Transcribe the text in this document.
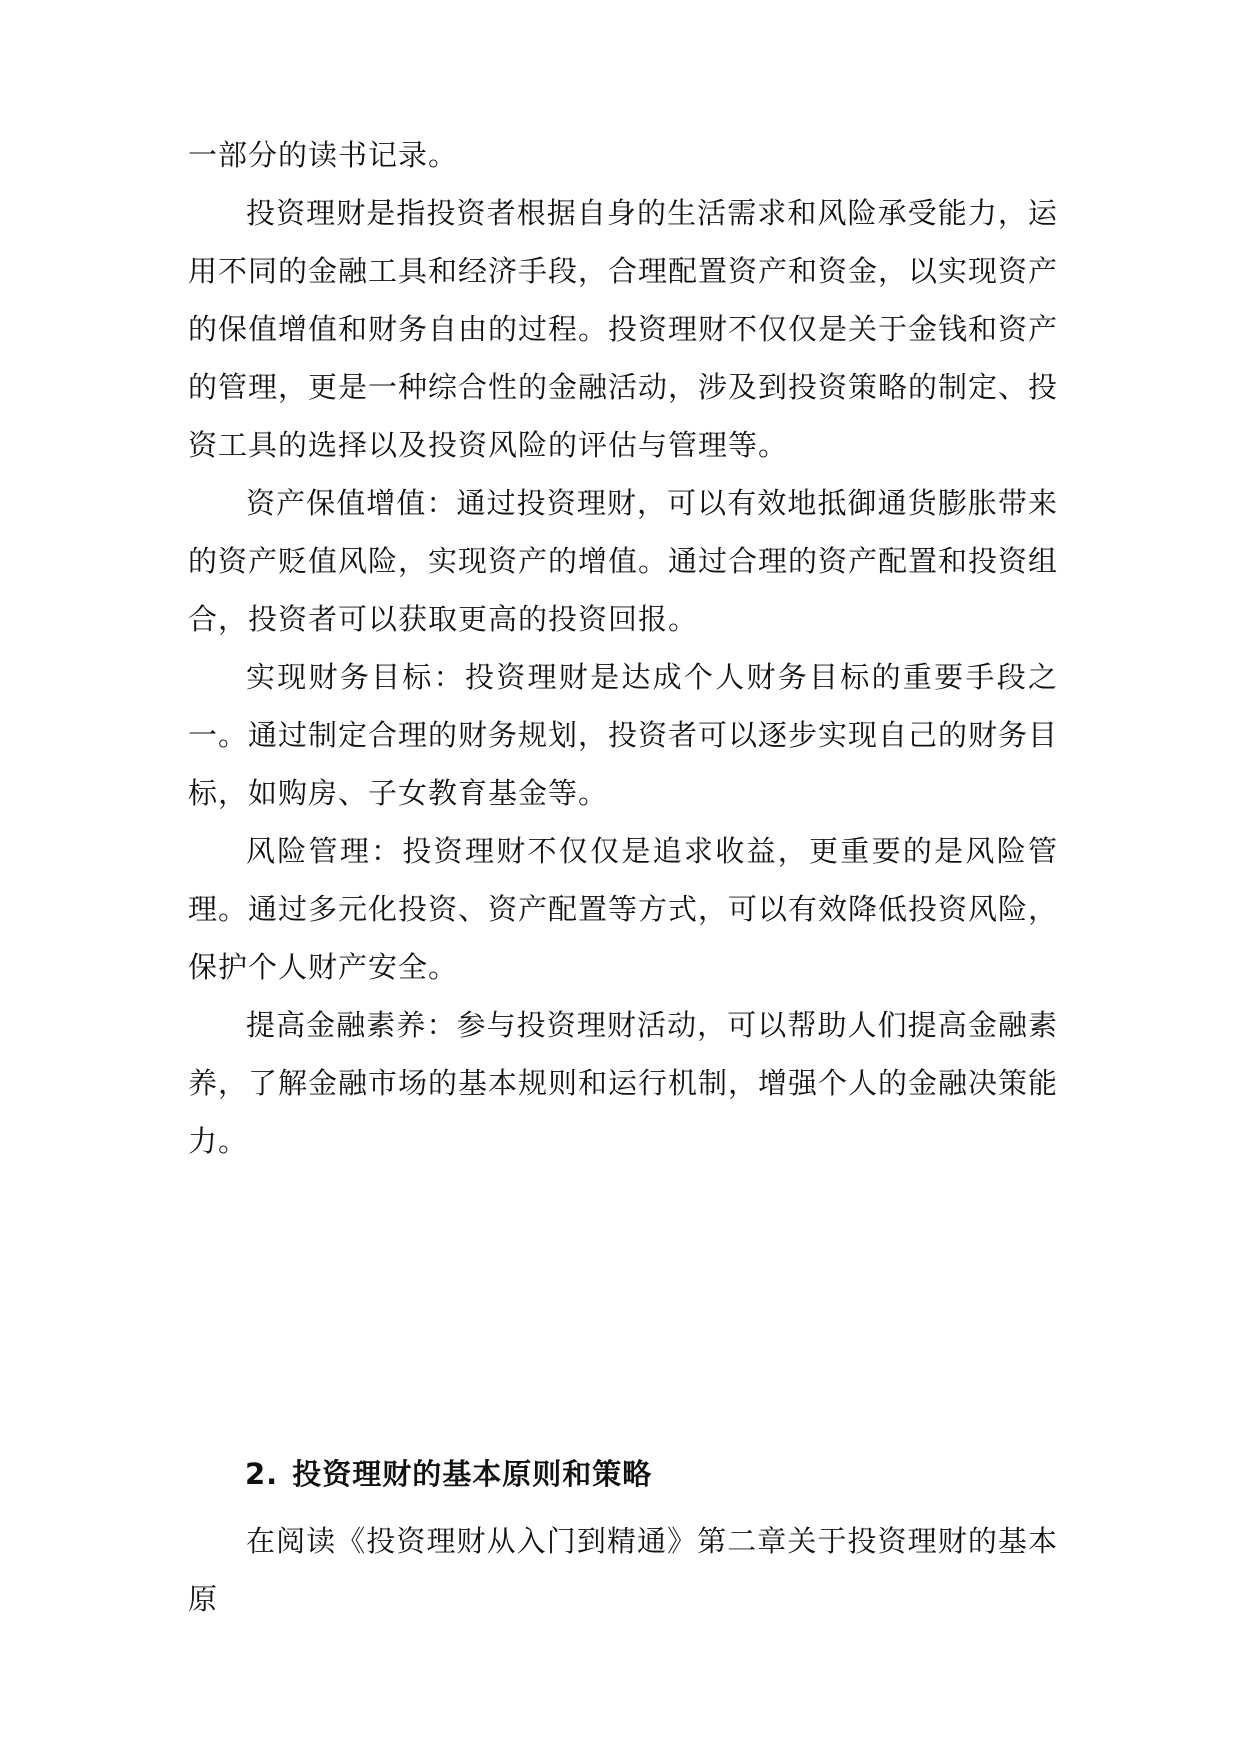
一部分的读书记录。

投资理财是指投资者根据自身的生活需求和风险承受能力，运用不同的金融工具和经济手段，合理配置资产和资金，以实现资产的保值增值和财务自由的过程。投资理财不仅仅是关于金钱和资产的管理，更是一种综合性的金融活动，涉及到投资策略的制定、投资工具的选择以及投资风险的评估与管理等。

资产保值增值：通过投资理财，可以有效地抵御通货膨胀带来的资产贬值风险，实现资产的增值。通过合理的资产配置和投资组合，投资者可以获取更高的投资回报。

实现财务目标：投资理财是达成个人财务目标的重要手段之一。通过制定合理的财务规划，投资者可以逐步实现自己的财务目标，如购房、子女教育基金等。

风险管理：投资理财不仅仅是追求收益，更重要的是风险管理。通过多元化投资、资产配置等方式，可以有效降低投资风险，保护个人财产安全。

提高金融素养：参与投资理财活动，可以帮助人们提高金融素养，了解金融市场的基本规则和运行机制，增强个人的金融决策能力。

2. 投资理财的基本原则和策略

在阅读《投资理财从入门到精通》第二章关于投资理财的基本原
